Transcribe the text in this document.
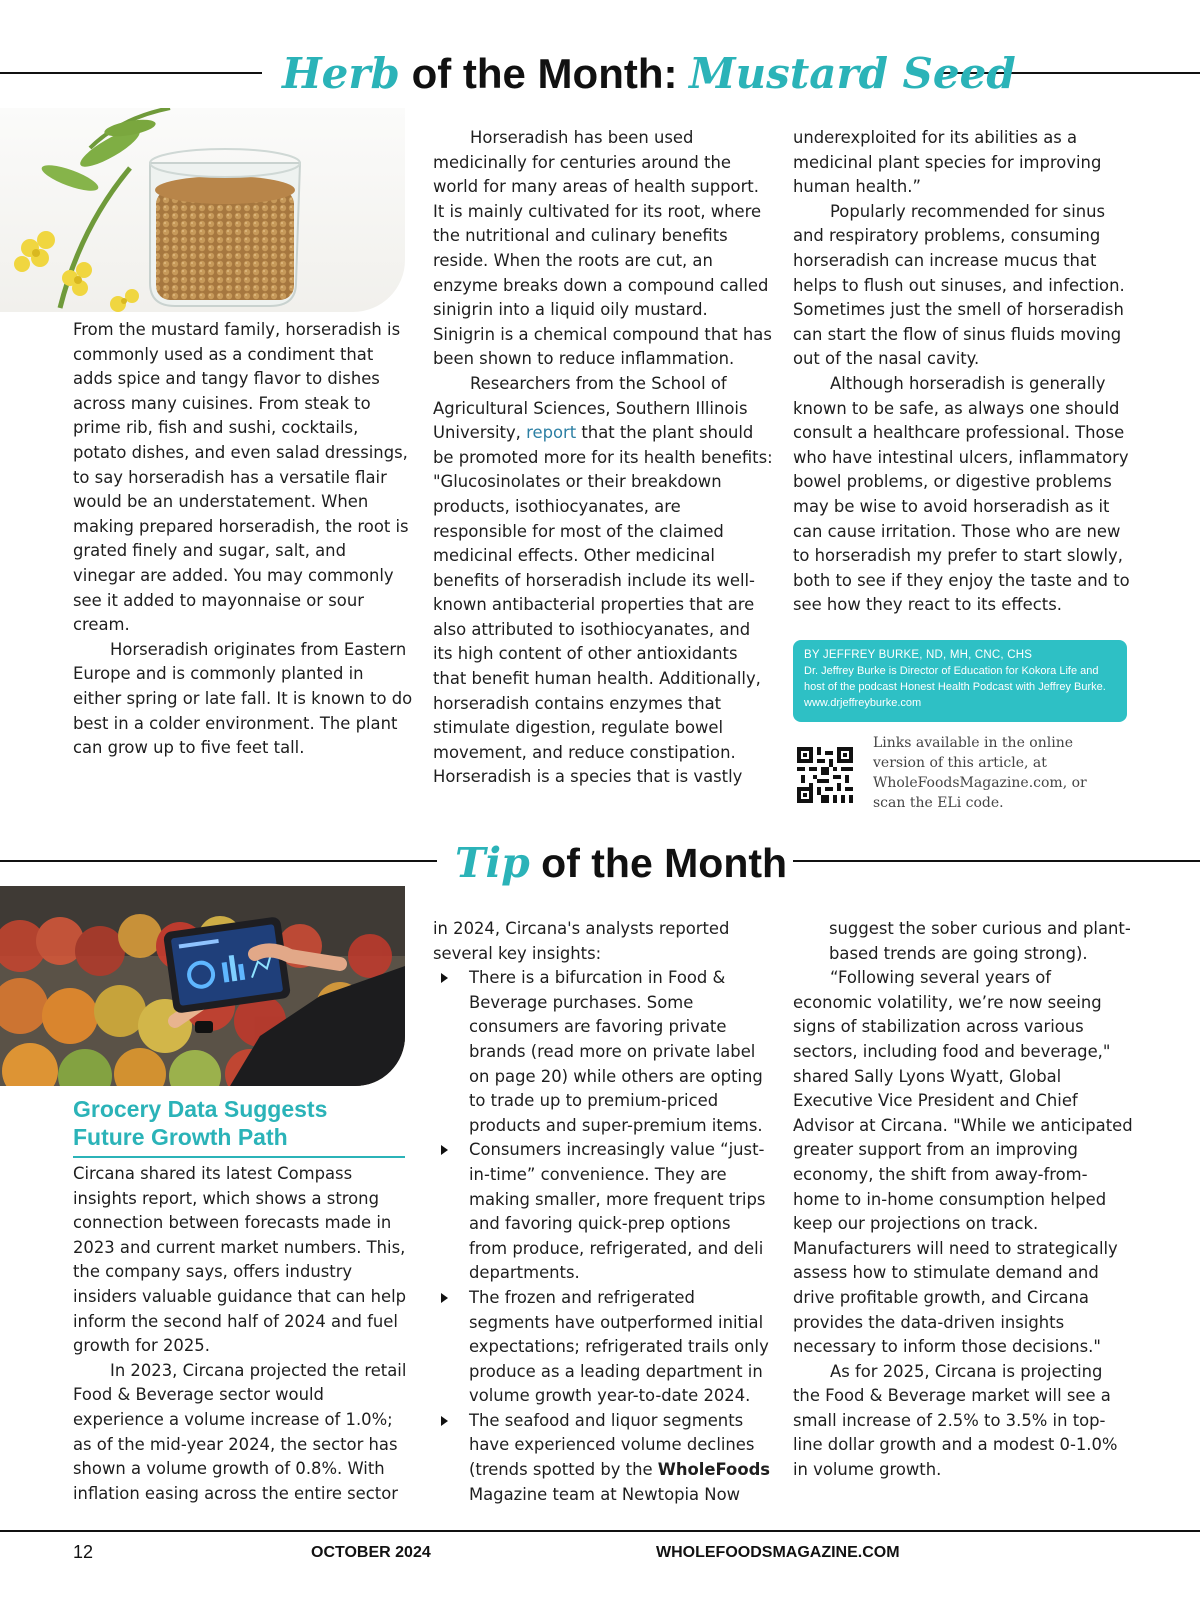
Herb of the Month: Mustard Seed

From the mustard family, horseradish is commonly used as a condiment that adds spice and tangy flavor to dishes across many cuisines. From steak to prime rib, fish and sushi, cocktails, potato dishes, and even salad dressings, to say horseradish has a versatile flair would be an understatement. When making prepared horseradish, the root is grated finely and sugar, salt, and vinegar are added. You may commonly see it added to mayonnaise or sour cream.

Horseradish originates from Eastern Europe and is commonly planted in either spring or late fall. It is known to do best in a colder environment. The plant can grow up to five feet tall.

Horseradish has been used medicinally for centuries around the world for many areas of health support. It is mainly cultivated for its root, where the nutritional and culinary benefits reside. When the roots are cut, an enzyme breaks down a compound called sinigrin into a liquid oily mustard. Sinigrin is a chemical compound that has been shown to reduce inflammation.

Researchers from the School of Agricultural Sciences, Southern Illinois University, report that the plant should be promoted more for its health benefits: "Glucosinolates or their breakdown products, isothiocyanates, are responsible for most of the claimed medicinal effects. Other medicinal benefits of horseradish include its well-known antibacterial properties that are also attributed to isothiocyanates, and its high content of other antioxidants that benefit human health. Additionally, horseradish contains enzymes that stimulate digestion, regulate bowel movement, and reduce constipation. Horseradish is a species that is vastly

underexploited for its abilities as a medicinal plant species for improving human health.”

Popularly recommended for sinus and respiratory problems, consuming horseradish can increase mucus that helps to flush out sinuses, and infection. Sometimes just the smell of horseradish can start the flow of sinus fluids moving out of the nasal cavity.

Although horseradish is generally known to be safe, as always one should consult a healthcare professional. Those who have intestinal ulcers, inflammatory bowel problems, or digestive problems may be wise to avoid horseradish as it can cause irritation. Those who are new to horseradish my prefer to start slowly, both to see if they enjoy the taste and to see how they react to its effects.

BY JEFFREY BURKE, ND, MH, CNC, CHS
Dr. Jeffrey Burke is Director of Education for Kokora Life and host of the podcast Honest Health Podcast with Jeffrey Burke.
www.drjeffreyburke.com
Links available in the online version of this article, at WholeFoodsMagazine.com, or scan the ELi code.
Tip of the Month
Grocery Data Suggests Future Growth Path

Circana shared its latest Compass insights report, which shows a strong connection between forecasts made in 2023 and current market numbers. This, the company says, offers industry insiders valuable guidance that can help inform the second half of 2024 and fuel growth for 2025.

In 2023, Circana projected the retail Food & Beverage sector would experience a volume increase of 1.0%; as of the mid-year 2024, the sector has shown a volume growth of 0.8%. With inflation easing across the entire sector

in 2024, Circana's analysts reported several key insights:

There is a bifurcation in Food & Beverage purchases. Some consumers are favoring private brands (read more on private label on page 20) while others are opting to trade up to premium-priced products and super-premium items.
Consumers increasingly value “just-in-time” convenience. They are making smaller, more frequent trips and favoring quick-prep options from produce, refrigerated, and deli departments.
The frozen and refrigerated segments have outperformed initial expectations; refrigerated trails only produce as a leading department in volume growth year-to-date 2024.
The seafood and liquor segments have experienced volume declines (trends spotted by the WholeFoods Magazine team at Newtopia Now

suggest the sober curious and plant-based trends are going strong).

“Following several years of economic volatility, we’re now seeing signs of stabilization across various sectors, including food and beverage," shared Sally Lyons Wyatt, Global Executive Vice President and Chief Advisor at Circana. "While we anticipated greater support from an improving economy, the shift from away-from-home to in-home consumption helped keep our projections on track. Manufacturers will need to strategically assess how to stimulate demand and drive profitable growth, and Circana provides the data-driven insights necessary to inform those decisions."

As for 2025, Circana is projecting the Food & Beverage market will see a small increase of 2.5% to 3.5% in top-line dollar growth and a modest 0-1.0% in volume growth.

12	OCTOBER 2024	WHOLEFOODSMAGAZINE.COM
